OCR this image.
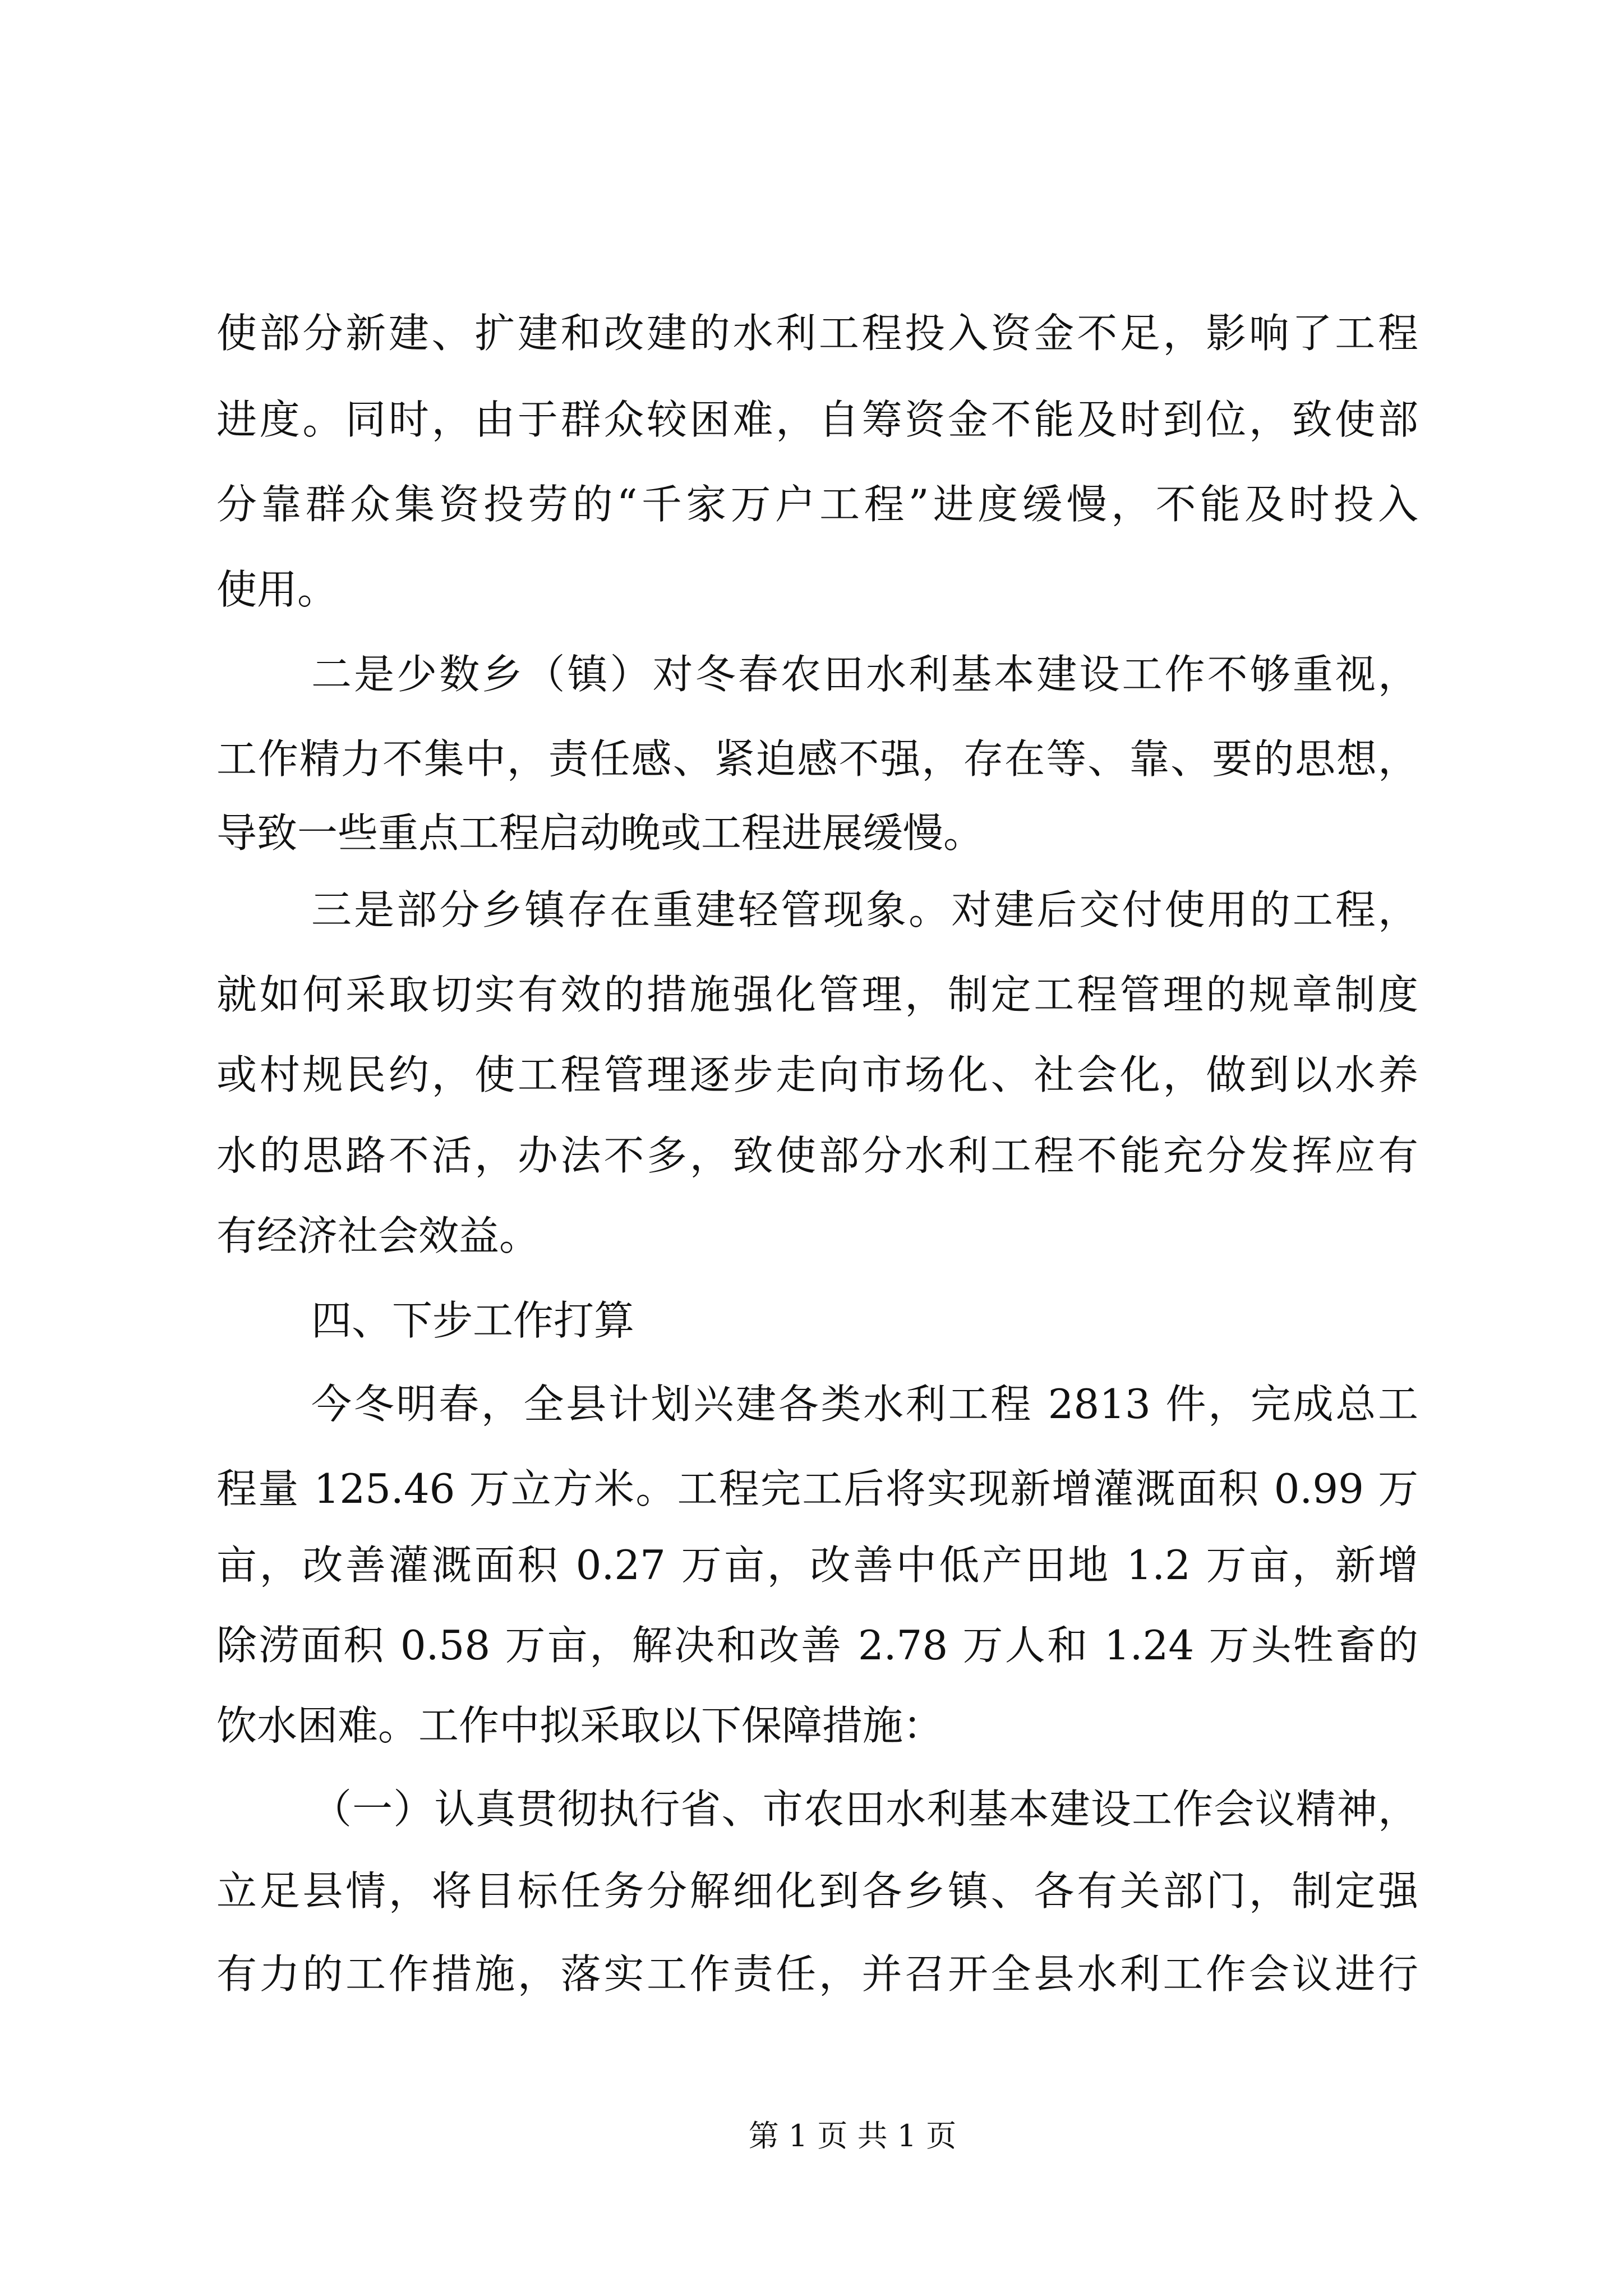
使部分新建、扩建和改建的水利工程投入资金不足，影响了工程
进度。同时，由于群众较困难，自筹资金不能及时到位，致使部
分靠群众集资投劳的“千家万户工程”进度缓慢，不能及时投入
使用。
二是少数乡（镇）对冬春农田水利基本建设工作不够重视，
工作精力不集中，责任感、紧迫感不强，存在等、靠、要的思想，
导致一些重点工程启动晚或工程进展缓慢。
三是部分乡镇存在重建轻管现象。对建后交付使用的工程，
就如何采取切实有效的措施强化管理，制定工程管理的规章制度
或村规民约，使工程管理逐步走向市场化、社会化，做到以水养
水的思路不活，办法不多，致使部分水利工程不能充分发挥应有
有经济社会效益。
四、下步工作打算
今冬明春，全县计划兴建各类水利工程 2813 件，完成总工
程量 125.46 万立方米。工程完工后将实现新增灌溉面积 0.99 万
亩，改善灌溉面积 0.27 万亩，改善中低产田地 1.2 万亩，新增
除涝面积 0.58 万亩，解决和改善 2.78 万人和 1.24 万头牲畜的
饮水困难。工作中拟采取以下保障措施：
（一）认真贯彻执行省、市农田水利基本建设工作会议精神，
立足县情，将目标任务分解细化到各乡镇、各有关部门，制定强
有力的工作措施，落实工作责任，并召开全县水利工作会议进行
第 1 页 共 1 页
